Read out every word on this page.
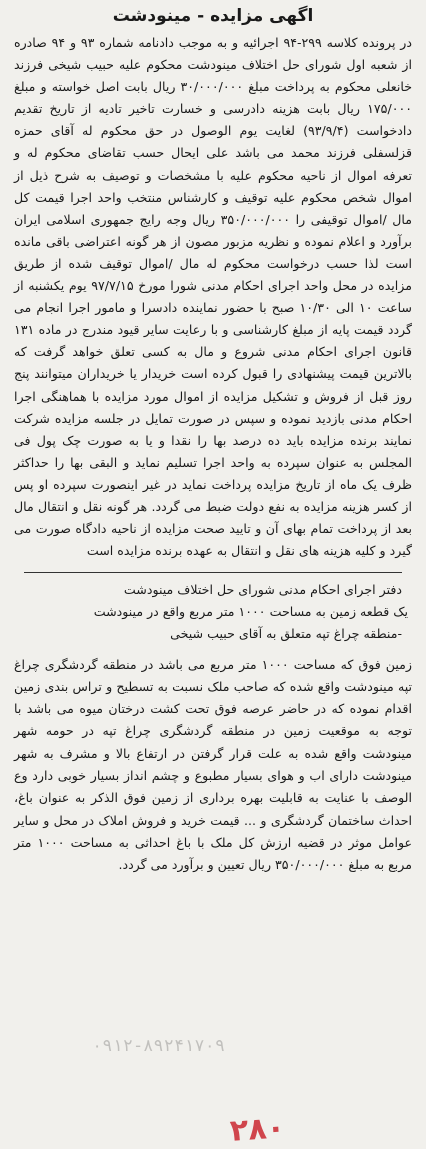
اگهی مزایده - مینودشت

در پرونده کلاسه ۲۹۹-۹۴ اجرائیه و به موجب دادنامه شماره ۹۳ و ۹۴ صادره از شعبه اول شورای حل اختلاف مینودشت محکوم علیه حبیب شیخی فرزند خانعلی محکوم به پرداخت مبلغ ۳۰/۰۰۰/۰۰۰ ریال بابت اصل خواسته و مبلغ ۱۷۵/۰۰۰ ریال بابت هزینه دادرسی و خسارت تاخیر تادیه از تاریخ تقدیم دادخواست (۹۳/۹/۴) لغایت یوم الوصول در حق محکوم له آقای حمزه قزلسفلی فرزند محمد می باشد علی ایحال حسب تقاضای محکوم له و تعرفه اموال از ناحیه محکوم علیه با مشخصات و توصیف به شرح ذیل از اموال شخص محکوم علیه توقیف و کارشناس منتخب واحد اجرا قیمت کل مال /اموال توقیفی را ۳۵۰/۰۰۰/۰۰۰ ریال وجه رایج جمهوری اسلامی ایران برآورد و اعلام نموده و نظریه مزبور مصون از هر گونه اعتراضی باقی مانده است لذا حسب درخواست محکوم له مال /اموال توقیف شده از طریق مزایده در محل واحد اجرای احکام مدنی شورا مورخ ۹۷/۷/۱۵ یوم یکشنبه از ساعت ۱۰ الی ۱۰/۳۰ صبح با حضور نماینده دادسرا و مامور اجرا انجام می گردد قیمت پایه از مبلغ کارشناسی و با رعایت سایر قیود مندرج در ماده ۱۳۱ قانون اجرای احکام مدنی شروع و مال به کسی تعلق خواهد گرفت که بالاترین قیمت پیشنهادی را قبول کرده است خریدار یا خریداران میتوانند پنج روز قبل از فروش و تشکیل مزایده از اموال مورد مزایده با هماهنگی اجرا احکام مدنی بازدید نموده و سپس در صورت تمایل در جلسه مزایده شرکت نمایند برنده مزایده باید ده درصد بها را نقدا و یا به صورت چک پول فی المجلس به عنوان سپرده به واحد اجرا تسلیم نماید و البقی بها را حداکثر ظرف یک ماه از تاریخ مزایده پرداخت نماید در غیر اینصورت سپرده او پس از کسر هزینه مزایده به نفع دولت ضبط می گردد. هر گونه نقل و انتقال مال بعد از پرداخت تمام بهای آن و تایید صحت مزایده از ناحیه دادگاه صورت می گیرد و کلیه هزینه های نقل و انتقال به عهده برنده مزایده است

دفتر اجرای احکام مدنی شورای حل اختلاف مینودشت
یک قطعه زمین به مساحت ۱۰۰۰ متر مربع واقع در مینودشت
-منطقه چراغ تپه متعلق به آقای حبیب شیخی

زمین فوق که مساحت ۱۰۰۰ متر مربع می باشد در منطقه گردشگری چراغ تپه مینودشت واقع شده که صاحب ملک نسبت به تسطیح و تراس بندی زمین اقدام نموده که در حاضر عرصه فوق تحت کشت درختان میوه می باشد با توجه به موقعیت زمین در منطقه گردشگری چراغ تپه در حومه شهر مینودشت واقع شده به علت قرار گرفتن در ارتفاع بالا و مشرف به شهر مینودشت دارای اب و هوای بسیار مطبوع و چشم انداز بسیار خوبی دارد وع الوصف با عنایت به قابلیت بهره برداری از زمین فوق الذکر به عنوان باغ، احداث ساختمان گردشگری و ... قیمت خرید و فروش املاک در محل و سایر عوامل موثر در قضیه ارزش کل ملک با باغ احداثی به مساحت ۱۰۰۰ متر مربع به مبلغ ۳۵۰/۰۰۰/۰۰۰ ریال تعیین و برآورد می گردد.

۰۹۱۲-۸۹۲۴۱۷۰۹
۲۸۰
